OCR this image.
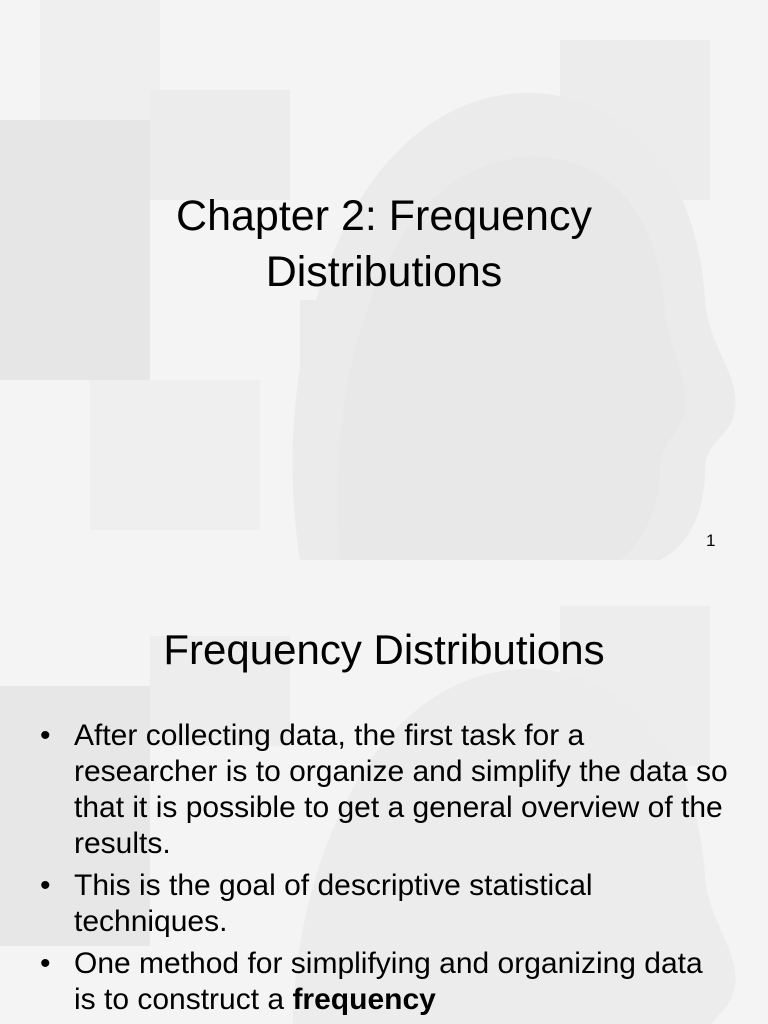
Chapter 2: Frequency
Distributions
1
Frequency Distributions
• After collecting data, the first task for a researcher is to organize and simplify the data so that it is possible to get a general overview of the results.
• This is the goal of descriptive statistical techniques.
• One method for simplifying and organizing data is to construct a frequency
